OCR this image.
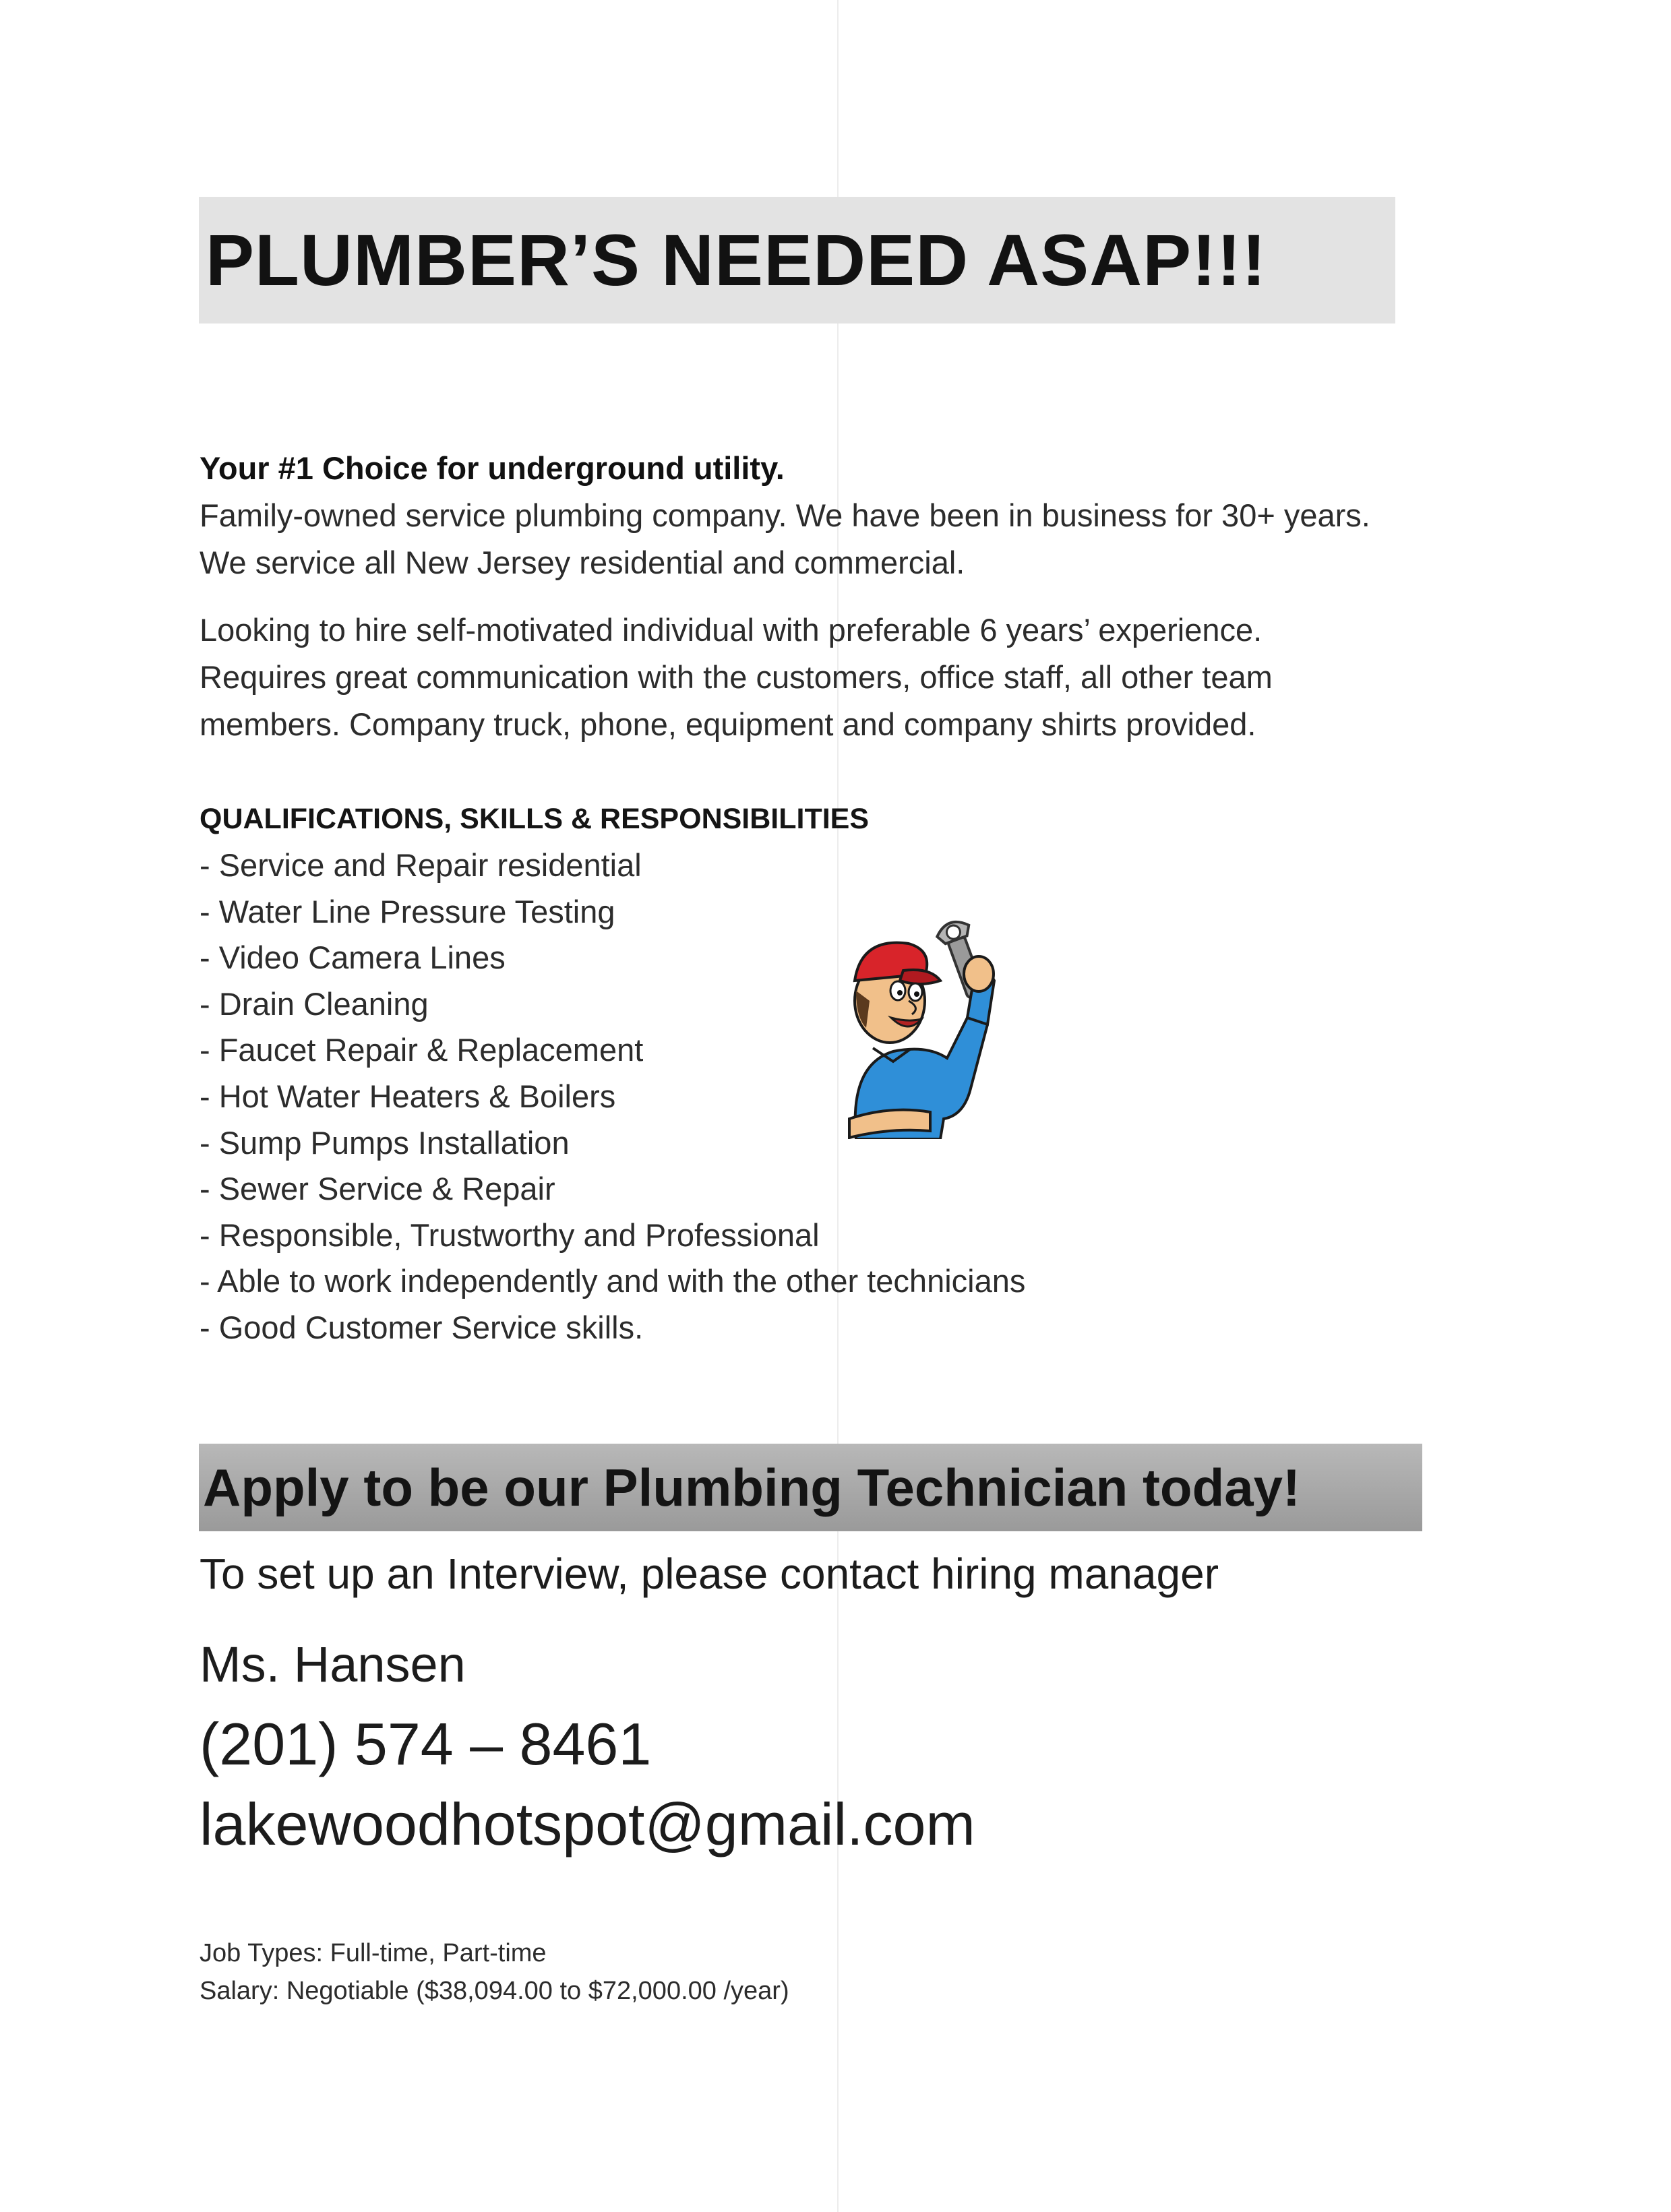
PLUMBER’S NEEDED ASAP!!!

Your #1 Choice for underground utility.
Family-owned service plumbing company. We have been in business for 30+ years.
We service all New Jersey residential and commercial.

Looking to hire self-motivated individual with preferable 6 years’ experience.
Requires great communication with the customers, office staff, all other team
members. Company truck, phone, equipment and company shirts provided.

QUALIFICATIONS, SKILLS & RESPONSIBILITIES
- Service and Repair residential
- Water Line Pressure Testing
- Video Camera Lines
- Drain Cleaning
- Faucet Repair & Replacement
- Hot Water Heaters & Boilers
- Sump Pumps Installation
- Sewer Service & Repair
- Responsible, Trustworthy and Professional
- Able to work independently and with the other technicians
- Good Customer Service skills.
Apply to be our Plumbing Technician today!
To set up an Interview, please contact hiring manager
Ms. Hansen
(201) 574 – 8461
lakewoodhotspot@gmail.com
Job Types: Full-time, Part-time
Salary: Negotiable ($38,094.00 to $72,000.00 /year)
